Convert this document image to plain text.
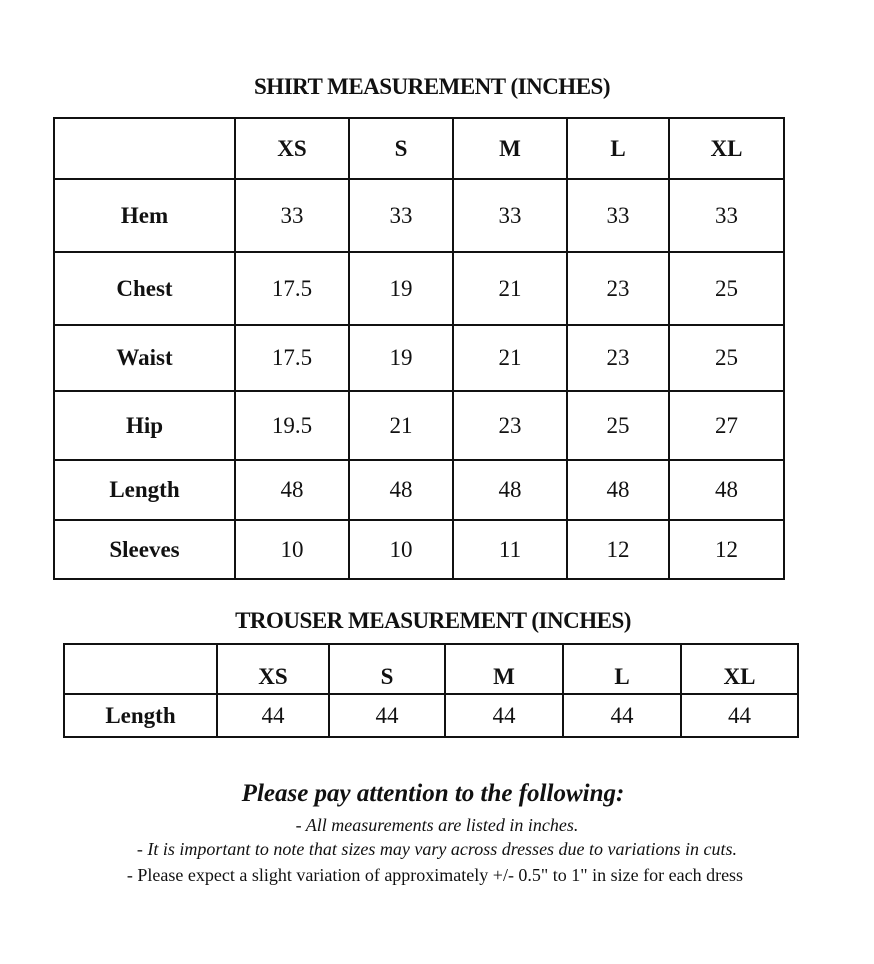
SHIRT MEASUREMENT (INCHES)
	XS	S	M	L	XL
Hem	33	33	33	33	33
Chest	17.5	19	21	23	25
Waist	17.5	19	21	23	25
Hip	19.5	21	23	25	27
Length	48	48	48	48	48
Sleeves	10	10	11	12	12
TROUSER MEASUREMENT (INCHES)
	XS	S	M	L	XL
Length	44	44	44	44	44
Please pay attention to the following:
- All measurements are listed in inches.
- It is important to note that sizes may vary across dresses due to variations in cuts.
- Please expect a slight variation of approximately +/- 0.5" to 1" in size for each dress
